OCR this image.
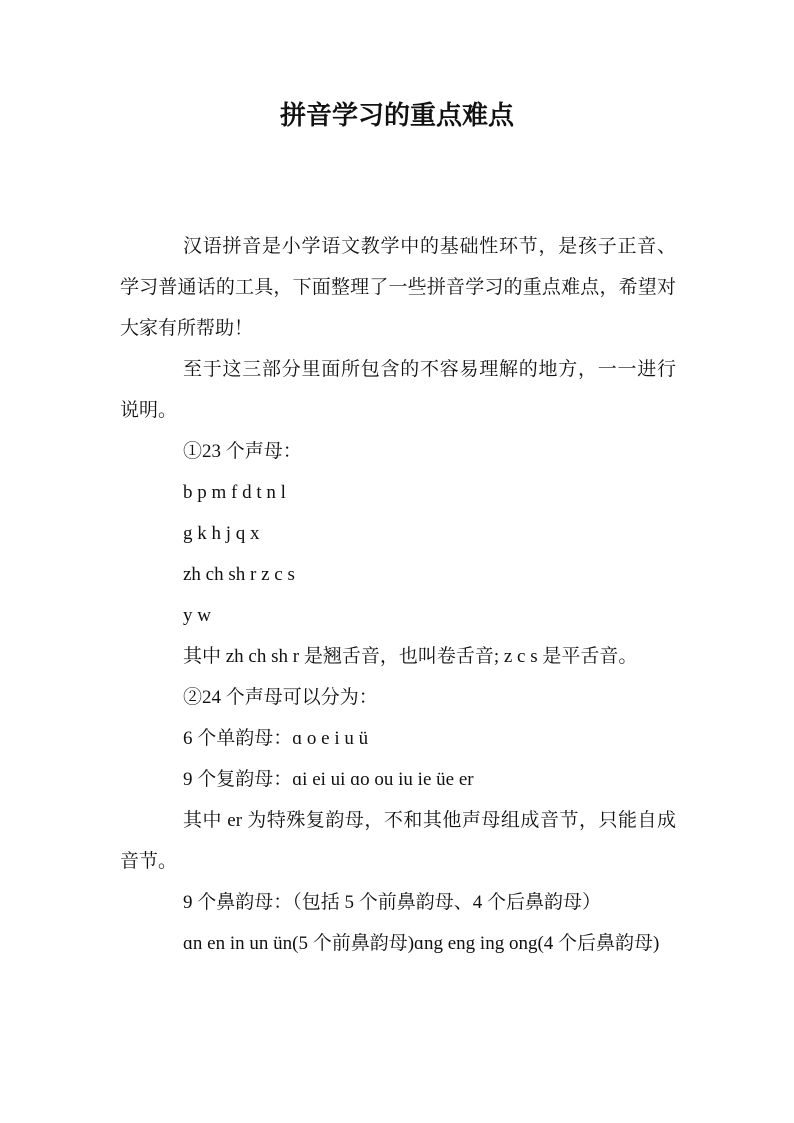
拼音学习的重点难点

汉语拼音是小学语文教学中的基础性环节，是孩子正音、学习普通话的工具，下面整理了一些拼音学习的重点难点，希望对大家有所帮助！

至于这三部分里面所包含的不容易理解的地方，一一进行说明。

①23 个声母：

b p m f d t n l

g k h j q x

zh ch sh r z c s

y w

其中 zh ch sh r 是翘舌音，也叫卷舌音; z c s 是平舌音。

②24 个声母可以分为：

6 个单韵母：ɑ o e i u ü

9 个复韵母：ɑi ei ui ɑo ou iu ie üe er

其中 er 为特殊复韵母，不和其他声母组成音节，只能自成音节。

9 个鼻韵母：（包括 5 个前鼻韵母、4 个后鼻韵母）

ɑn en in un ün(5 个前鼻韵母)ɑng eng ing ong(4 个后鼻韵母)
